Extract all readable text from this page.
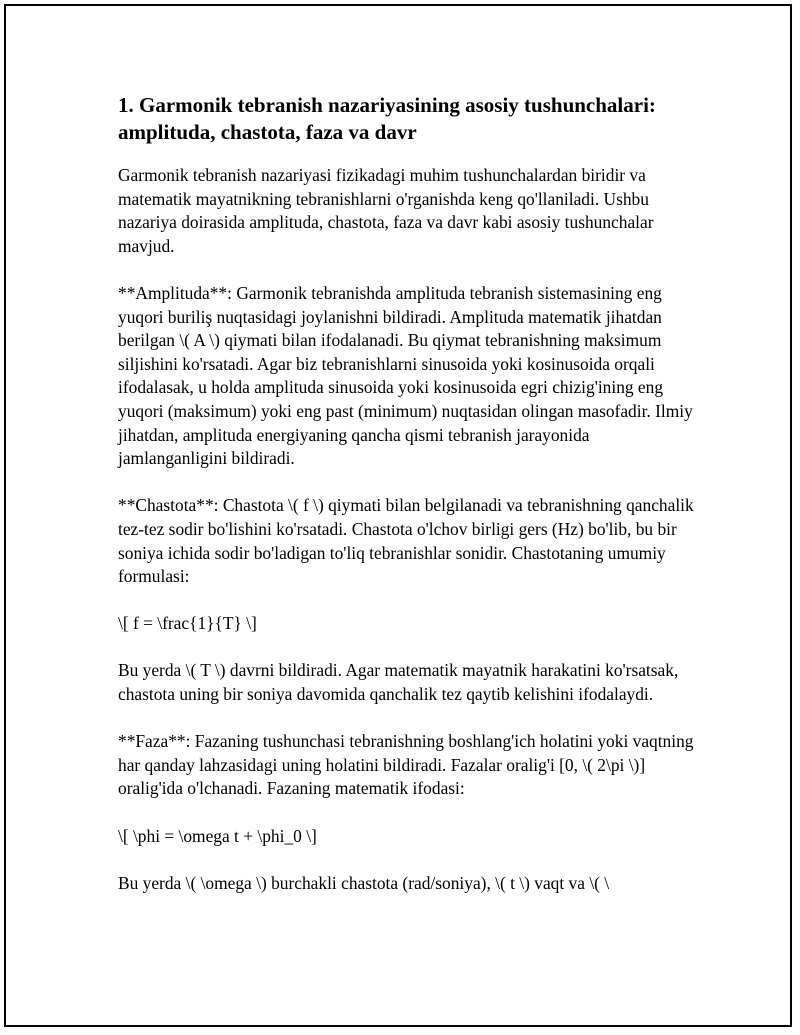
1. Garmonik tebranish nazariyasining asosiy tushunchalari: amplituda, chastota, faza va davr

Garmonik tebranish nazariyasi fizikadagi muhim tushunchalardan biridir va matematik mayatnikning tebranishlarni o'rganishda keng qo'llaniladi. Ushbu nazariya doirasida amplituda, chastota, faza va davr kabi asosiy tushunchalar mavjud.

**Amplituda**: Garmonik tebranishda amplituda tebranish sistemasining eng yuqori buriliş nuqtasidagi joylanishni bildiradi. Amplituda matematik jihatdan berilgan \( A \) qiymati bilan ifodalanadi. Bu qiymat tebranishning maksimum siljishini ko'rsatadi. Agar biz tebranishlarni sinusoida yoki kosinusoida orqali ifodalasak, u holda amplituda sinusoida yoki kosinusoida egri chizig'ining eng yuqori (maksimum) yoki eng past (minimum) nuqtasidan olingan masofadir. Ilmiy jihatdan, amplituda energiyaning qancha qismi tebranish jarayonida jamlanganligini bildiradi.

**Chastota**: Chastota \( f \) qiymati bilan belgilanadi va tebranishning qanchalik tez-tez sodir bo'lishini ko'rsatadi. Chastota o'lchov birligi gers (Hz) bo'lib, bu bir soniya ichida sodir bo'ladigan to'liq tebranishlar sonidir. Chastotaning umumiy formulasi:

\[ f = \frac{1}{T} \]

Bu yerda \( T \) davrni bildiradi. Agar matematik mayatnik harakatini ko'rsatsak, chastota uning bir soniya davomida qanchalik tez qaytib kelishini ifodalaydi.

**Faza**: Fazaning tushunchasi tebranishning boshlang'ich holatini yoki vaqtning har qanday lahzasidagi uning holatini bildiradi. Fazalar oralig'i [0, \( 2\pi \)] oralig'ida o'lchanadi. Fazaning matematik ifodasi:

\[ \phi = \omega t + \phi_0 \]

Bu yerda \( \omega \) burchakli chastota (rad/soniya), \( t \) vaqt va \( \
